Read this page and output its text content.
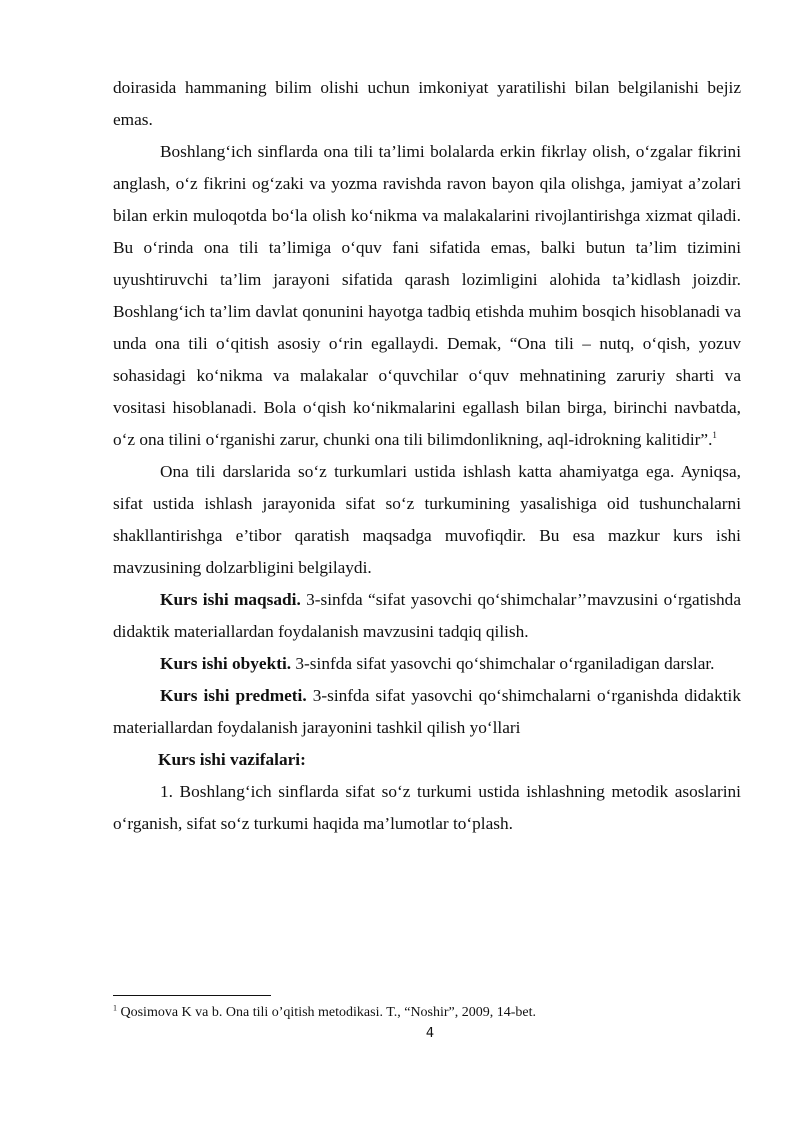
doirasida hammaning bilim olishi uchun imkoniyat yaratilishi bilan belgilanishi bejiz emas.

Boshlang‘ich sinflarda ona tili ta’limi bolalarda erkin fikrlay olish, o‘zgalar fikrini anglash, o‘z fikrini og‘zaki va yozma ravishda ravon bayon qila olishga, jamiyat a’zolari bilan erkin muloqotda bo‘la olish ko‘nikma va malakalarini rivojlantirishga xizmat qiladi. Bu o‘rinda ona tili ta’limiga o‘quv fani sifatida emas, balki butun ta’lim tizimini uyushtiruvchi ta’lim jarayoni sifatida qarash lozimligini alohida ta’kidlash joizdir. Boshlang‘ich ta’lim davlat qonunini hayotga tadbiq etishda muhim bosqich hisoblanadi va unda ona tili o‘qitish asosiy o‘rin egallaydi. Demak, “Ona tili – nutq, o‘qish, yozuv sohasidagi ko‘nikma va malakalar o‘quvchilar o‘quv mehnatining zaruriy sharti va vositasi hisoblanadi. Bola o‘qish ko‘nikmalarini egallash bilan birga, birinchi navbatda, o‘z ona tilini o‘rganishi zarur, chunki ona tili bilimdonlikning, aql-idrokning kalitidir”.$^1$

Ona tili darslarida so‘z turkumlari ustida ishlash katta ahamiyatga ega. Ayniqsa, sifat ustida ishlash jarayonida sifat so‘z turkumining yasalishiga oid tushunchalarni shakllantirishga e’tibor qaratish maqsadga muvofiqdir. Bu esa mazkur kurs ishi mavzusining dolzarbligini belgilaydi.

Kurs ishi maqsadi. 3-sinfda “sifat yasovchi qo‘shimchalar’’mavzusini o‘rgatishda didaktik materiallardan foydalanish mavzusini tadqiq qilish.

Kurs ishi obyekti. 3-sinfda sifat yasovchi qo‘shimchalar o‘rganiladigan darslar.

Kurs ishi predmeti. 3-sinfda sifat yasovchi qo‘shimchalarni o‘rganishda didaktik materiallardan foydalanish jarayonini tashkil qilish yo‘llari

Kurs ishi vazifalari:

1. Boshlang‘ich sinflarda sifat so‘z turkumi ustida ishlashning metodik asoslarini o‘rganish, sifat so‘z turkumi haqida ma’lumotlar to‘plash.

$^1$ Qosimova K va b. Ona tili o’qitish metodikasi. T., “Noshir”, 2009, 14-bet.
4
